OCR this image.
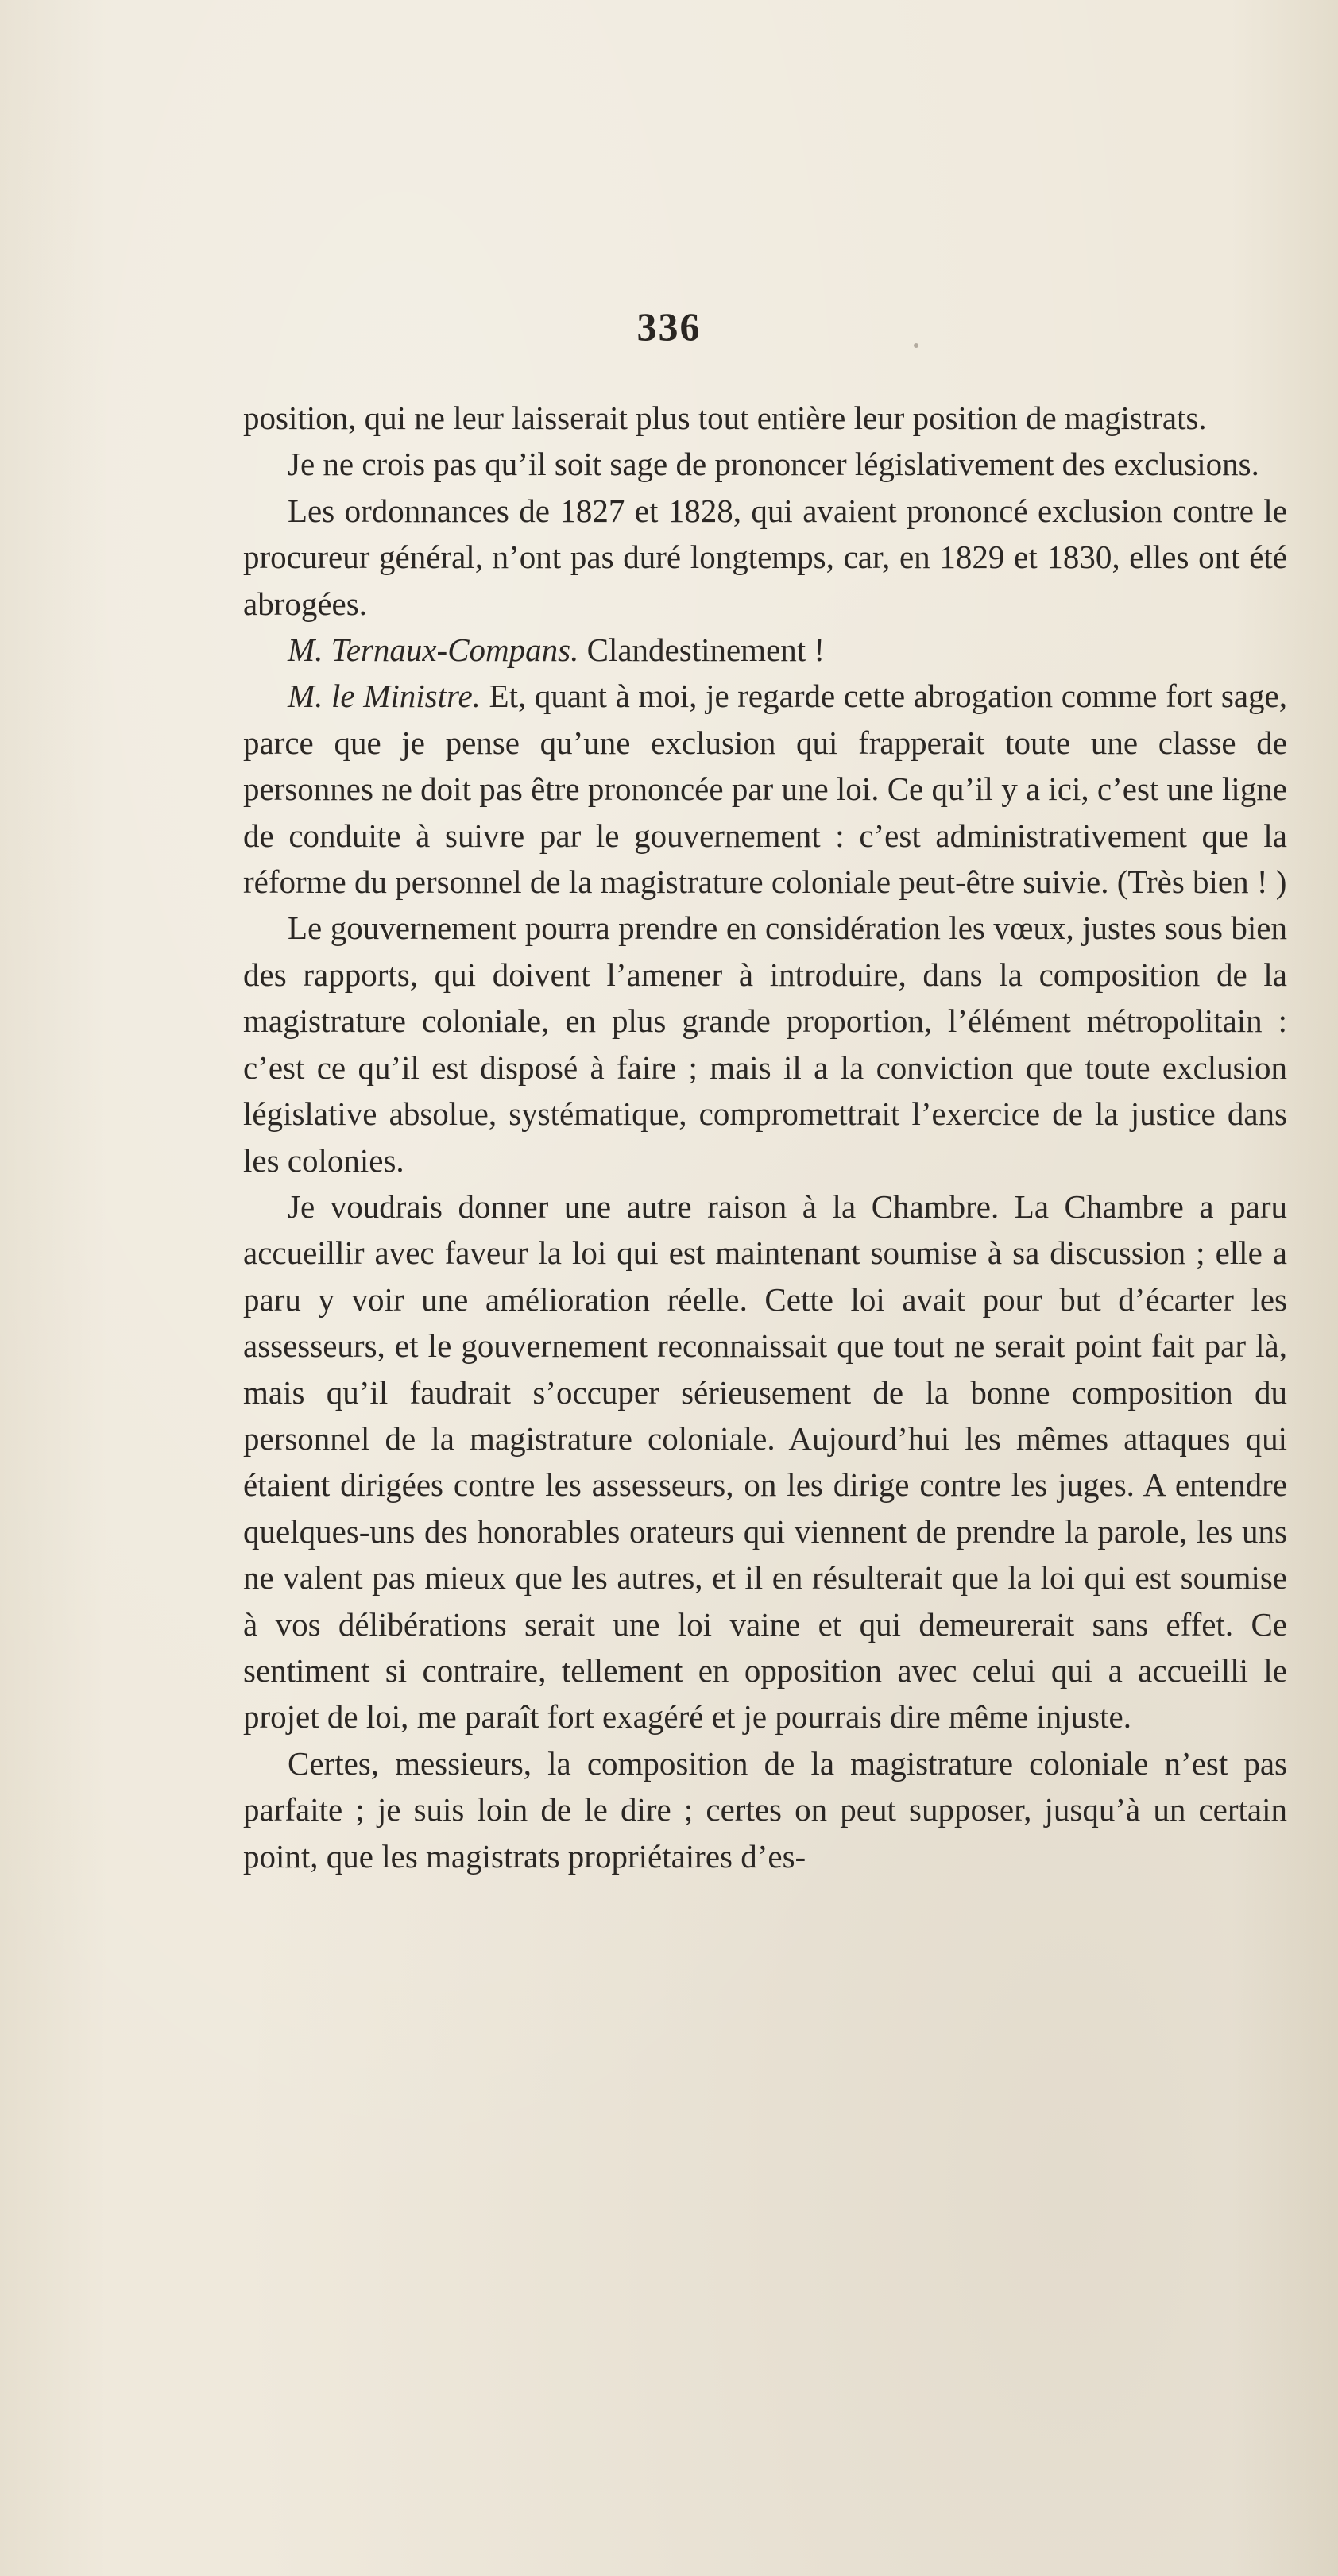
336

position, qui ne leur laisserait plus tout entière leur position de magistrats.

Je ne crois pas qu’il soit sage de prononcer législativement des exclusions.

Les ordonnances de 1827 et 1828, qui avaient prononcé exclusion contre le procureur général, n’ont pas duré longtemps, car, en 1829 et 1830, elles ont été abrogées.

M. Ternaux-Compans. Clandestinement !

M. le Ministre. Et, quant à moi, je regarde cette abrogation comme fort sage, parce que je pense qu’une exclusion qui frapperait toute une classe de personnes ne doit pas être prononcée par une loi. Ce qu’il y a ici, c’est une ligne de conduite à suivre par le gouvernement : c’est administrativement que la réforme du personnel de la magistrature coloniale peut-être suivie. (Très bien ! )

Le gouvernement pourra prendre en considération les vœux, justes sous bien des rapports, qui doivent l’amener à introduire, dans la composition de la magistrature coloniale, en plus grande proportion, l’élément métropolitain : c’est ce qu’il est disposé à faire ; mais il a la conviction que toute exclusion législative absolue, systématique, compromettrait l’exercice de la justice dans les colonies.

Je voudrais donner une autre raison à la Chambre. La Chambre a paru accueillir avec faveur la loi qui est maintenant soumise à sa discussion ; elle a paru y voir une amélioration réelle. Cette loi avait pour but d’écarter les assesseurs, et le gouvernement reconnaissait que tout ne serait point fait par là, mais qu’il faudrait s’occuper sérieusement de la bonne composition du personnel de la magistrature coloniale. Aujourd’hui les mêmes attaques qui étaient dirigées contre les assesseurs, on les dirige contre les juges. A entendre quelques-uns des honorables orateurs qui viennent de prendre la parole, les uns ne valent pas mieux que les autres, et il en résulterait que la loi qui est soumise à vos délibérations serait une loi vaine et qui demeurerait sans effet. Ce sentiment si contraire, tellement en opposition avec celui qui a accueilli le projet de loi, me paraît fort exagéré et je pourrais dire même injuste.

Certes, messieurs, la composition de la magistrature coloniale n’est pas parfaite ; je suis loin de le dire ; certes on peut supposer, jusqu’à un certain point, que les magistrats propriétaires d’es-
